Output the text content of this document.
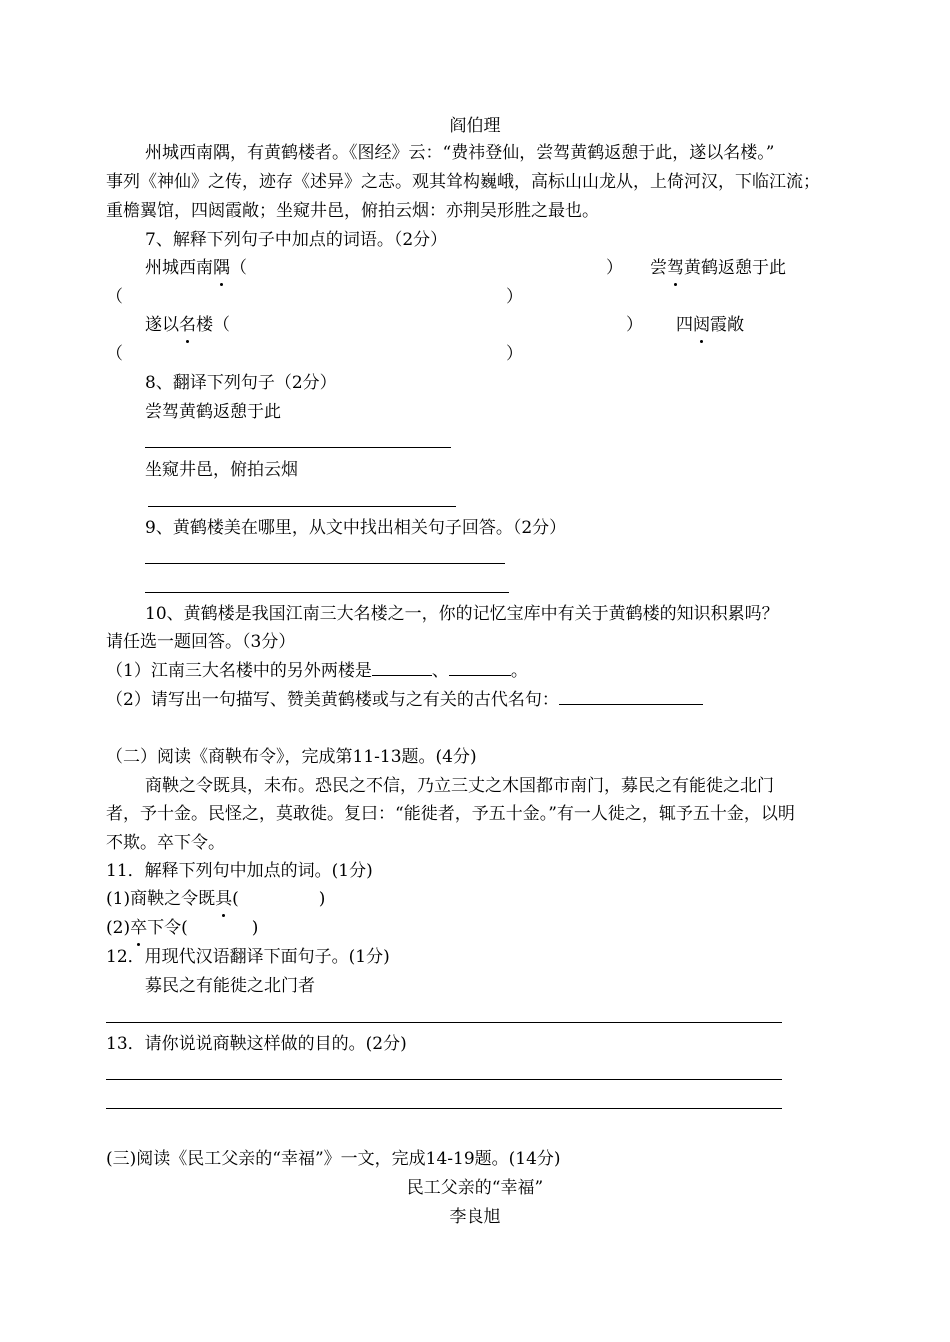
阎伯理
州城西南隅，有黄鹤楼者。《图经》云：“费祎登仙，尝驾黄鹤返憩于此，遂以名楼。”
事列《神仙》之传，迹存《述异》之志。观其耸构巍峨，高标山山龙从，上倚河汉，下临江流；
重檐翼馆，四闼霞敞；坐窥井邑，俯拍云烟：亦荆吴形胜之最也。
7、解释下列句子中加点的词语。（2分）
州城西南隅（	） 尝驾黄鹤返憩于此
（	）
遂以名楼（	） 四闼霞敞
（	）
8、翻译下列句子（2分）
尝驾黄鹤返憩于此
坐窥井邑，俯拍云烟
9、黄鹤楼美在哪里，从文中找出相关句子回答。（2分）
10、黄鹤楼是我国江南三大名楼之一，你的记忆宝库中有关于黄鹤楼的知识积累吗？
请任选一题回答。（3分）
（1）江南三大名楼中的另外两楼是	、	。
（2）请写出一句描写、赞美黄鹤楼或与之有关的古代名句：
（二）阅读《商鞅布令》，完成第11-13题。(4分)
商鞅之令既具，未布。恐民之不信，乃立三丈之木国都市南门，募民之有能徙之北门
者，予十金。民怪之，莫敢徙。复曰：“能徙者，予五十金。”有一人徙之，辄予五十金，以明
不欺。卒下令。
11．解释下列句中加点的词。(1分)
(1)商鞅之令既具(	)
(2)卒下令(	)
12．用现代汉语翻译下面句子。(1分)
募民之有能徙之北门者
13．请你说说商鞅这样做的目的。(2分)
(三)阅读《民工父亲的“幸福”》一文，完成14-19题。(14分)
民工父亲的“幸福”
李良旭
